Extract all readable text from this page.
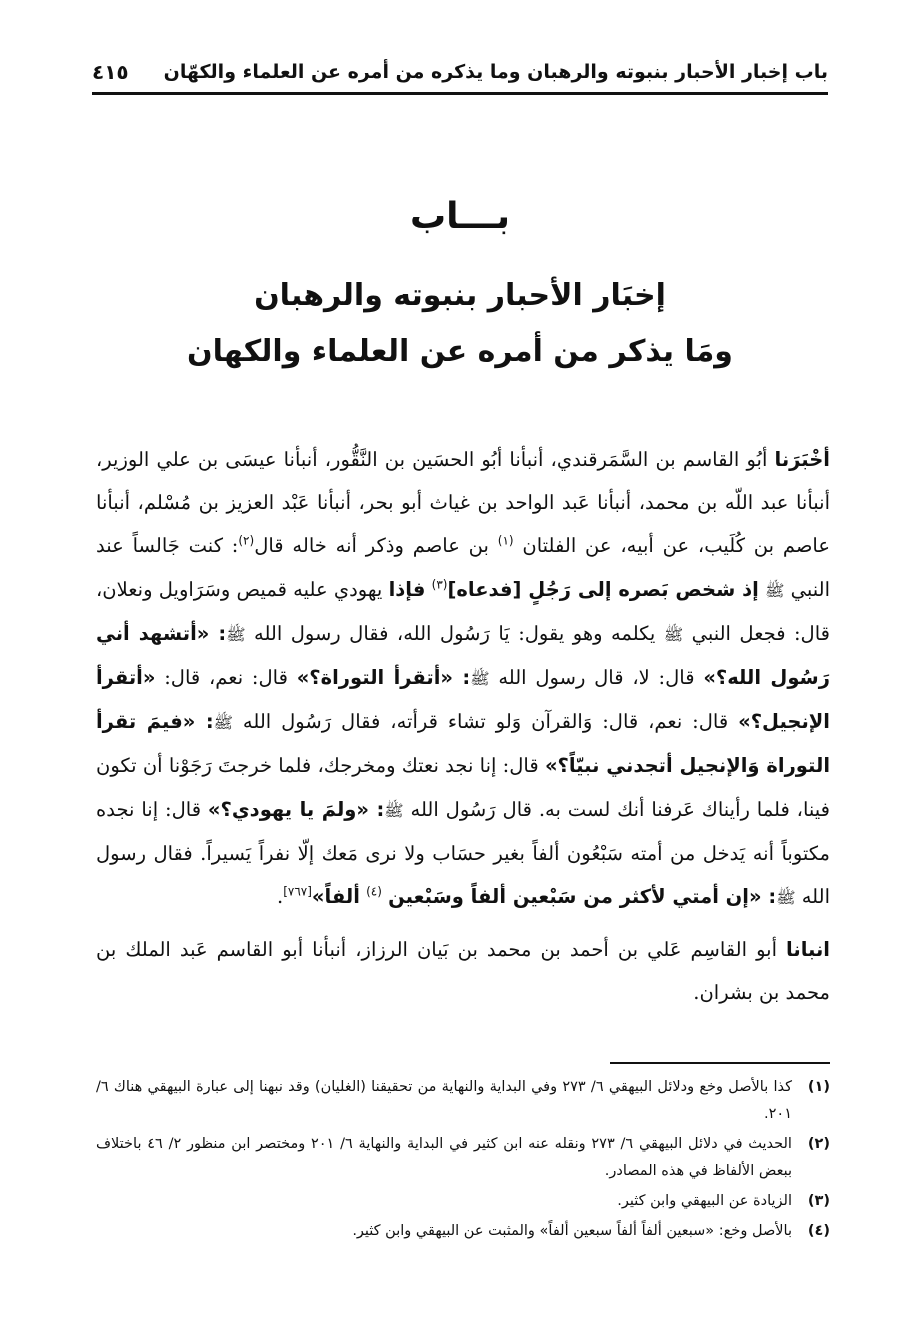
باب إخبار الأحبار بنبوته والرهبان وما يذكره من أمره عن العلماء والكهّان
٤١٥
بـــاب
إخبَار الأحبار بنبوته والرهبان
ومَا يذكر من أمره عن العلماء والكهان

أخْبَرَنا أبُو القاسم بن السَّمَرقندي، أنبأنا أبُو الحسَين بن النَّقُّور، أنبأنا عيسَى بن علي الوزير، أنبأنا عبد اللّه بن محمد، أنبأنا عَبد الواحد بن غياث أبو بحر، أنبأنا عَبْد العزيز بن مُسْلم، أنبأنا عاصم بن كُلَيب، عن أبيه، عن الفلتان $^{(١)}$ بن عاصم وذكر أنه خاله قال$^{(٢)}$: كنت جَالساً عند النبي ﷺ إذ شخص بَصره إلى رَجُلٍ [فدعاه]$^{(٣)}$ فإذا يهودي عليه قميص وسَرَاويل ونعلان، قال: فجعل النبي ﷺ يكلمه وهو يقول: يَا رَسُول الله، فقال رسول الله ﷺ: «أتشهد أني رَسُول الله؟» قال: لا، قال رسول الله ﷺ: «أتقرأ التوراة؟» قال: نعم، قال: «أتقرأ الإنجيل؟» قال: نعم، قال: وَالقرآن وَلو تشاء قرأته، فقال رَسُول الله ﷺ: «فيمَ تقرأ التوراة وَالإنجيل أتجدني نبيّاً؟» قال: إنا نجد نعتك ومخرجك، فلما خرجتَ رَجَوْنا أن تكون فينا، فلما رأيناك عَرفنا أنك لست به. قال رَسُول الله ﷺ: «ولمَ يا يهودي؟» قال: إنا نجده مكتوباً أنه يَدخل من أمته سَبْعُون ألفاً بغير حسَاب ولا نرى مَعك إلّا نفراً يَسيراً. فقال رسول الله ﷺ: «إن أمتي لأكثر من سَبْعين ألفاً وسَبْعين $^{(٤)}$ ألفاً»[٧٦٧].

انبانا أبو القاسِم عَلي بن أحمد بن محمد بن بَيان الرزاز، أنبأنا أبو القاسم عَبد الملك بن محمد بن بشران.

(١)
كذا بالأصل وخع ودلائل البيهقي ٦/ ٢٧٣ وفي البداية والنهاية من تحقيقنا (الغليان) وقد نبهنا إلى عبارة البيهقي هناك ٦/ ٢٠١.
(٢)
الحديث في دلائل البيهقي ٦/ ٢٧٣ ونقله عنه ابن كثير في البداية والنهاية ٦/ ٢٠١ ومختصر ابن منظور ٢/ ٤٦ باختلاف ببعض الألفاظ في هذه المصادر.
(٣)
الزيادة عن البيهقي وابن كثير.
(٤)
بالأصل وخع: «سبعين ألفاً ألفاً سبعين ألفاً» والمثبت عن البيهقي وابن كثير.
